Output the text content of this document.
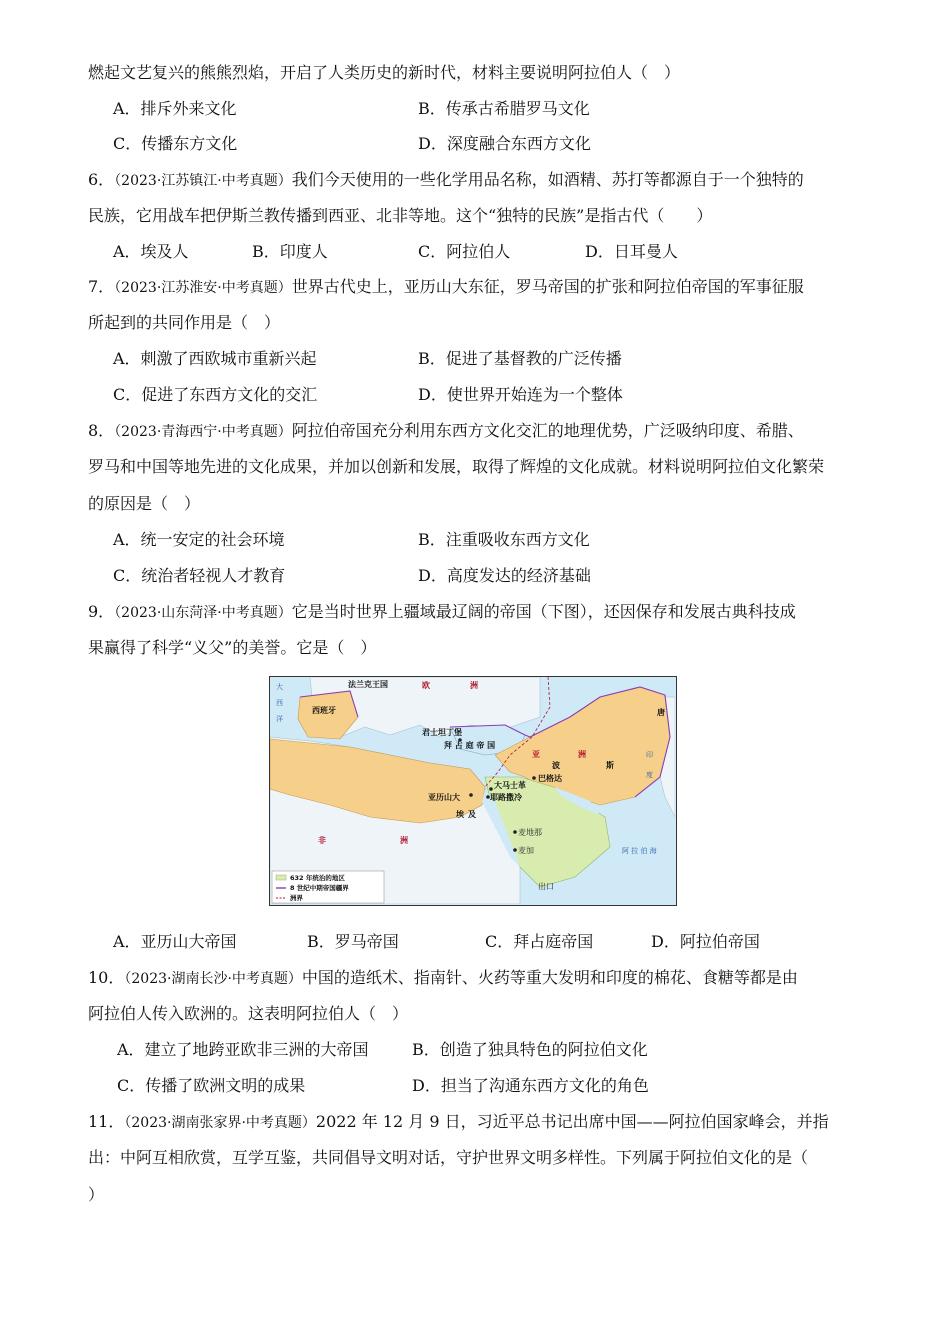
燃起文艺复兴的熊熊烈焰，开启了人类历史的新时代，材料主要说明阿拉伯人（　）
A．排斥外来文化	B．传承古希腊罗马文化
C．传播东方文化	D．深度融合东西方文化
6．（2023·江苏镇江·中考真题）我们今天使用的一些化学用品名称，如酒精、苏打等都源自于一个独特的
民族，它用战车把伊斯兰教传播到西亚、北非等地。这个“独特的民族”是指古代（　　）
A．埃及人	B．印度人	C．阿拉伯人	D．日耳曼人
7．（2023·江苏淮安·中考真题）世界古代史上，亚历山大东征，罗马帝国的扩张和阿拉伯帝国的军事征服
所起到的共同作用是（　）
A．刺激了西欧城市重新兴起	B．促进了基督教的广泛传播
C．促进了东西方文化的交汇	D．使世界开始连为一个整体
8．（2023·青海西宁·中考真题）阿拉伯帝国充分利用东西方文化交汇的地理优势，广泛吸纳印度、希腊、
罗马和中国等地先进的文化成果，并加以创新和发展，取得了辉煌的文化成就。材料说明阿拉伯文化繁荣
的原因是（　）
A．统一安定的社会环境	B．注重吸收东西方文化
C．统治者轻视人才教育	D．高度发达的经济基础
9．（2023·山东菏泽·中考真题）它是当时世界上疆域最辽阔的帝国（下图），还因保存和发展古典科技成
果赢得了科学“义父”的美誉。它是（　）
法兰克王国	欧	洲
大
西
洋
西班牙	唐
君士坦丁堡
拜 占 庭 帝 国
亚	洲
巴格达
波	斯
印
度
大马士革
亚历山大	耶路撒冷
埃 及
麦地那
麦加
非	洲
阿 拉 伯 海
出口
632 年统治的地区
8 世纪中期帝国疆界
洲界
A．亚历山大帝国	B．罗马帝国	C．拜占庭帝国	D．阿拉伯帝国
10．（2023·湖南长沙·中考真题）中国的造纸术、指南针、火药等重大发明和印度的棉花、食糖等都是由
阿拉伯人传入欧洲的。这表明阿拉伯人（　）
A．建立了地跨亚欧非三洲的大帝国	B．创造了独具特色的阿拉伯文化
C．传播了欧洲文明的成果	D．担当了沟通东西方文化的角色
11．（2023·湖南张家界·中考真题）2022 年 12 月 9 日，习近平总书记出席中国——阿拉伯国家峰会，并指
出：中阿互相欣赏，互学互鉴，共同倡导文明对话，守护世界文明多样性。下列属于阿拉伯文化的是（
）
